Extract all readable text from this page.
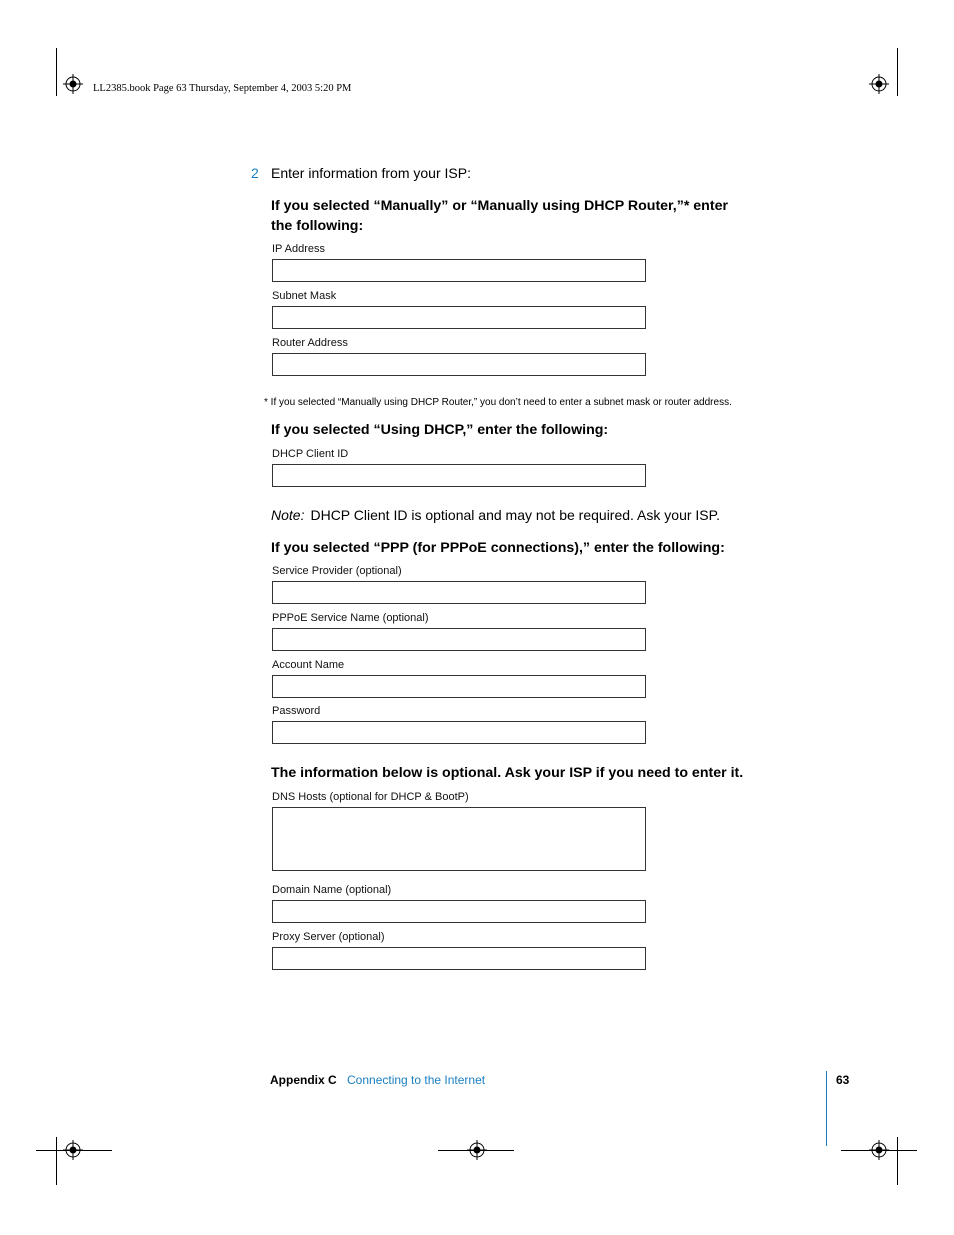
LL2385.book Page 63 Thursday, September 4, 2003 5:20 PM
2 Enter information from your ISP:
If you selected “Manually” or “Manually using DHCP Router,”* enter the following:
IP Address
Subnet Mask
Router Address
* If you selected “Manually using DHCP Router,” you don’t need to enter a subnet mask or router address.
If you selected “Using DHCP,” enter the following:
DHCP Client ID
Note: DHCP Client ID is optional and may not be required. Ask your ISP.
If you selected “PPP (for PPPoE connections),” enter the following:
Service Provider (optional)
PPPoE Service Name (optional)
Account Name
Password
The information below is optional. Ask your ISP if you need to enter it.
DNS Hosts (optional for DHCP & BootP)
Domain Name (optional)
Proxy Server (optional)
Appendix C Connecting to the Internet	63
